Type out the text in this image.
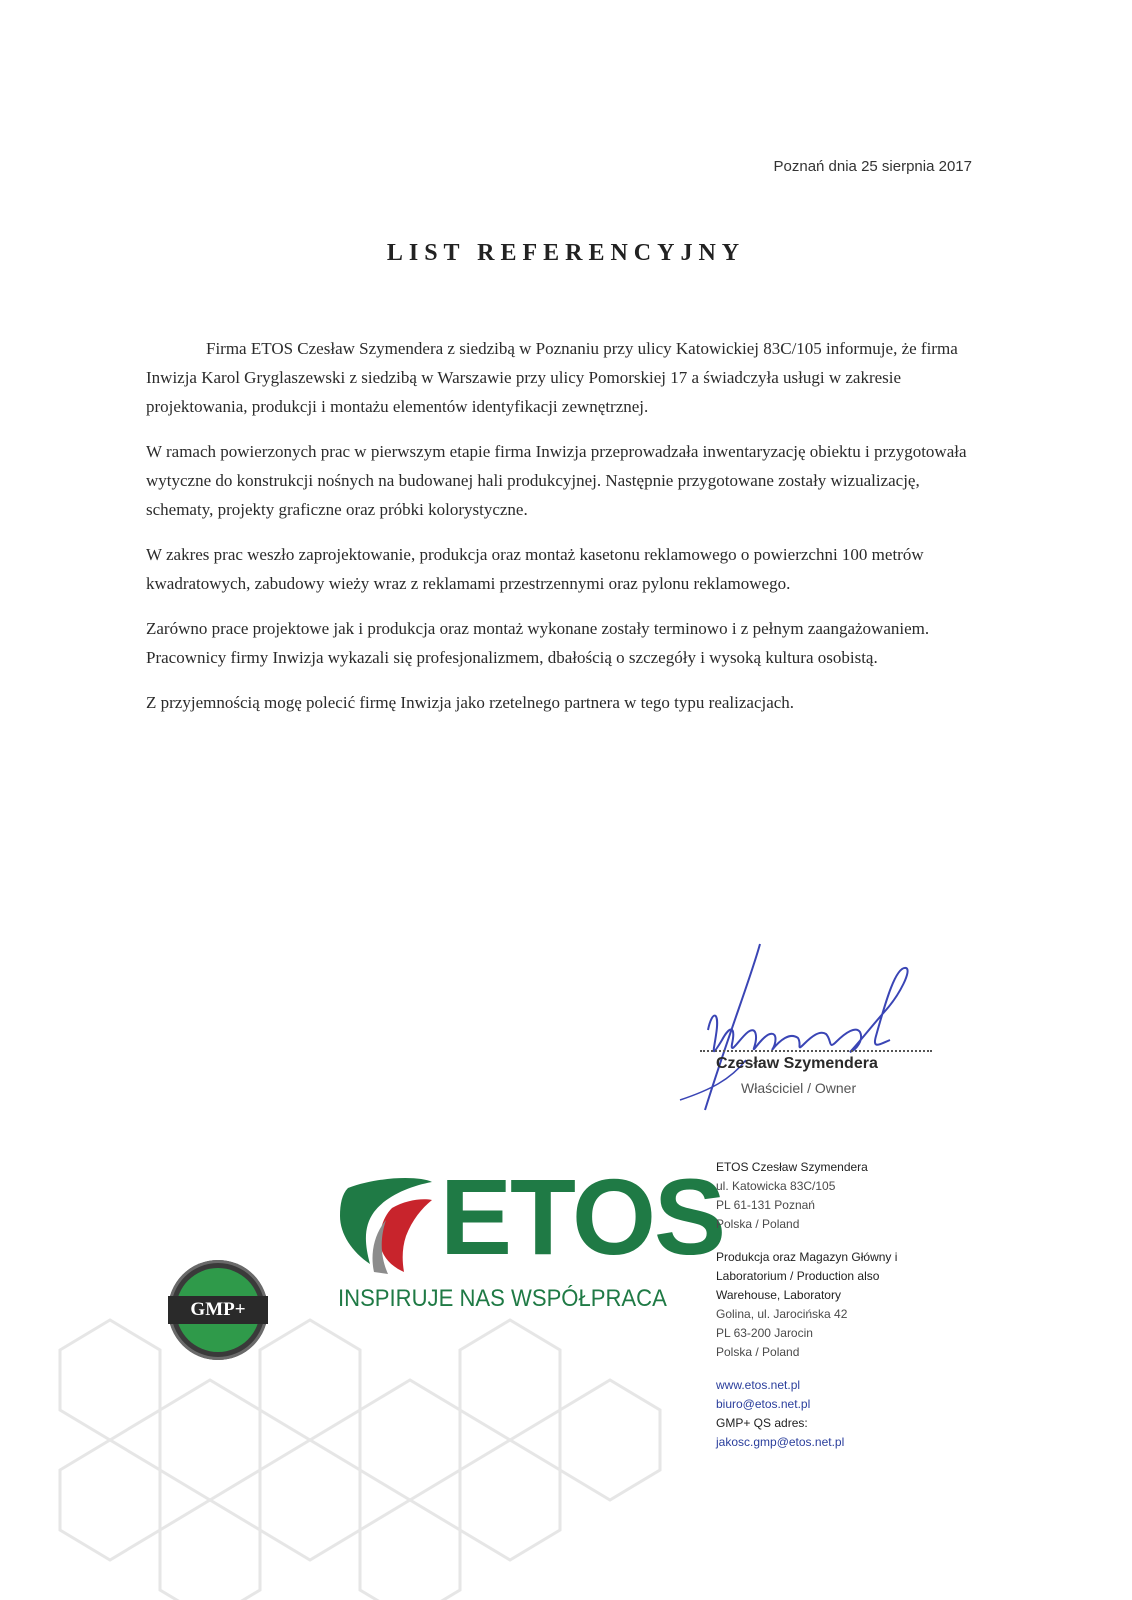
Poznań dnia 25 sierpnia 2017
LIST REFERENCYJNY

Firma ETOS Czesław Szymendera z siedzibą w Poznaniu przy ulicy Katowickiej 83C/105 informuje, że firma Inwizja Karol Gryglaszewski z siedzibą w Warszawie przy ulicy Pomorskiej 17 a świadczyła usługi w zakresie projektowania, produkcji i montażu elementów identyfikacji zewnętrznej.

W ramach powierzonych prac w pierwszym etapie firma Inwizja przeprowadzała inwentaryzację obiektu i przygotowała wytyczne do konstrukcji nośnych na budowanej hali produkcyjnej. Następnie przygotowane zostały wizualizację, schematy, projekty graficzne oraz próbki kolorystyczne.

W zakres prac weszło zaprojektowanie, produkcja oraz montaż kasetonu reklamowego o powierzchni 100 metrów kwadratowych, zabudowy wieży wraz z reklamami przestrzennymi oraz pylonu reklamowego.

Zarówno prace projektowe jak i produkcja oraz montaż wykonane zostały terminowo i z pełnym zaangażowaniem. Pracownicy firmy Inwizja wykazali się profesjonalizmem, dbałością o szczegóły i wysoką kultura osobistą.

Z przyjemnością mogę polecić firmę Inwizja jako rzetelnego partnera w tego typu realizacjach.

Czesław Szymendera
Właściciel / Owner
ETOS
INSPIRUJE NAS WSPÓŁPRACA
GMP+
ETOS Czesław Szymendera
ul. Katowicka 83C/105
PL 61-131 Poznań
Polska / Poland
Produkcja oraz Magazyn Główny i
Laboratorium / Production also
Warehouse, Laboratory
Golina, ul. Jarocińska 42
PL 63-200 Jarocin
Polska / Poland
www.etos.net.pl
biuro@etos.net.pl
GMP+ QS adres:
jakosc.gmp@etos.net.pl
